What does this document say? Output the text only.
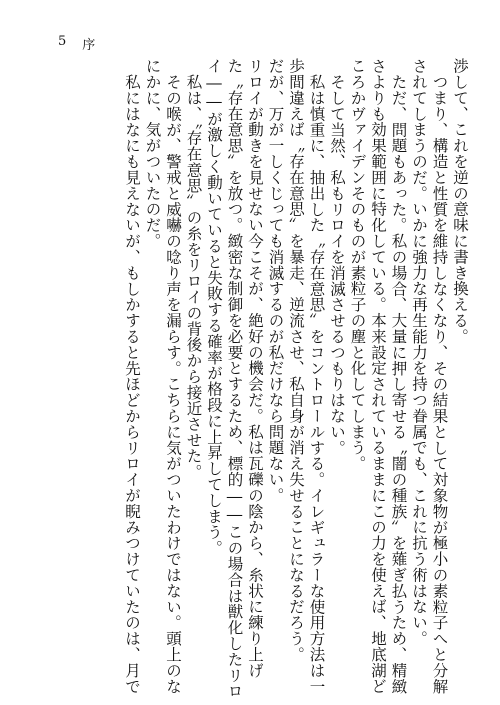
5 序

渉して、これを逆の意味に書き換える。

つまり、構造と性質を維持しなくなり、その結果として対象物が極小の素粒子へと分解

されてしまうのだ。いかに強力な再生能力を持つ眷属でも、これに抗う術はない。

ただ、問題もあった。私の場合、大量に押し寄せる〝闇の種族〟を薙ぎ払うため、精緻

さよりも効果範囲に特化している。本来設定されているままにこの力を使えば、地底湖ど

ころかヴァイデンそのものが素粒子の塵と化してしまう。

そして当然、私もリロイを消滅させるつもりはない。

私は慎重に、抽出した〝存在意思〟をコントロールする。イレギュラーな使用方法は一

歩間違えば〝存在意思〟を暴走、逆流させ、私自身が消え失せることになるだろう。

だが、万が一しくじっても消滅するのが私だけなら問題ない。

リロイが動きを見せない今こそが、絶好の機会だ。私は瓦礫の陰から、糸状に練り上げ

た〝存在意思〟を放つ。緻密な制御を必要とするため、標的――この場合は獣化したリロ

イ――が激しく動いていると失敗する確率が格段に上昇してしまう。

私は、〝存在意思〟の糸をリロイの背後から接近させた。

その喉が、警戒と威嚇の唸り声を漏らす。こちらに気がついたわけではない。頭上のな

にかに、気がついたのだ。

私にはなにも見えないが、もしかすると先ほどからリロイが睨みつけていたのは、月で
